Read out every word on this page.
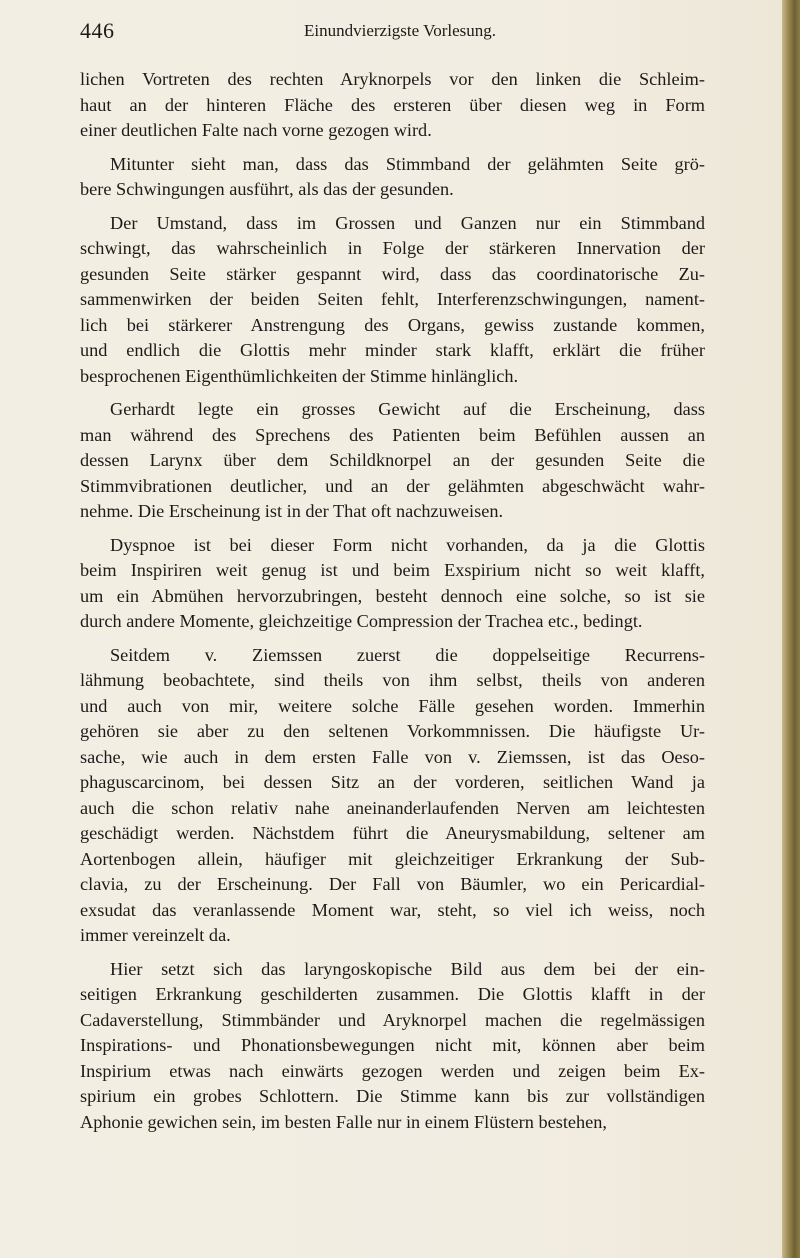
446	Einundvierzigste Vorlesung.
lichen Vortreten des rechten Aryknorpels vor den linken die Schleim-
haut an der hinteren Fläche des ersteren über diesen weg in Form
einer deutlichen Falte nach vorne gezogen wird.
Mitunter sieht man, dass das Stimmband der gelähmten Seite grö-
bere Schwingungen ausführt, als das der gesunden.
Der Umstand, dass im Grossen und Ganzen nur ein Stimmband
schwingt, das wahrscheinlich in Folge der stärkeren Innervation der
gesunden Seite stärker gespannt wird, dass das coordinatorische Zu-
sammenwirken der beiden Seiten fehlt, Interferenzschwingungen, nament-
lich bei stärkerer Anstrengung des Organs, gewiss zustande kommen,
und endlich die Glottis mehr minder stark klafft, erklärt die früher
besprochenen Eigenthümlichkeiten der Stimme hinlänglich.
Gerhardt legte ein grosses Gewicht auf die Erscheinung, dass
man während des Sprechens des Patienten beim Befühlen aussen an
dessen Larynx über dem Schildknorpel an der gesunden Seite die
Stimmvibrationen deutlicher, und an der gelähmten abgeschwächt wahr-
nehme. Die Erscheinung ist in der That oft nachzuweisen.
Dyspnoe ist bei dieser Form nicht vorhanden, da ja die Glottis
beim Inspiriren weit genug ist und beim Exspirium nicht so weit klafft,
um ein Abmühen hervorzubringen, besteht dennoch eine solche, so ist sie
durch andere Momente, gleichzeitige Compression der Trachea etc., bedingt.
Seitdem v. Ziemssen zuerst die doppelseitige Recurrens-
lähmung beobachtete, sind theils von ihm selbst, theils von anderen
und auch von mir, weitere solche Fälle gesehen worden. Immerhin
gehören sie aber zu den seltenen Vorkommnissen. Die häufigste Ur-
sache, wie auch in dem ersten Falle von v. Ziemssen, ist das Oeso-
phaguscarcinom, bei dessen Sitz an der vorderen, seitlichen Wand ja
auch die schon relativ nahe aneinanderlaufenden Nerven am leichtesten
geschädigt werden. Nächstdem führt die Aneurysmabildung, seltener am
Aortenbogen allein, häufiger mit gleichzeitiger Erkrankung der Sub-
clavia, zu der Erscheinung. Der Fall von Bäumler, wo ein Pericardial-
exsudat das veranlassende Moment war, steht, so viel ich weiss, noch
immer vereinzelt da.
Hier setzt sich das laryngoskopische Bild aus dem bei der ein-
seitigen Erkrankung geschilderten zusammen. Die Glottis klafft in der
Cadaverstellung, Stimmbänder und Aryknorpel machen die regelmässigen
Inspirations- und Phonationsbewegungen nicht mit, können aber beim
Inspirium etwas nach einwärts gezogen werden und zeigen beim Ex-
spirium ein grobes Schlottern. Die Stimme kann bis zur vollständigen
Aphonie gewichen sein, im besten Falle nur in einem Flüstern bestehen,
